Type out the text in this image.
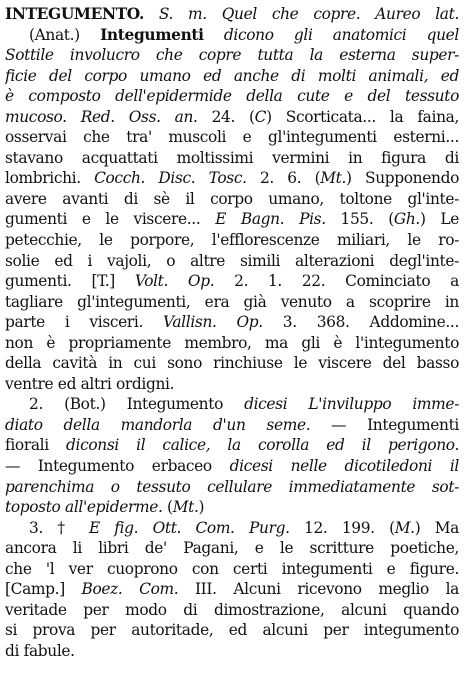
INTEGUMENTO. S. m. Quel che copre. Aureo lat.
(Anat.) Integumenti dicono gli anatomici quel
Sottile involucro che copre tutta la esterna super-
ficie del corpo umano ed anche di molti animali, ed
è composto dell'epidermide della cute e del tessuto
mucoso. Red. Oss. an. 24. (C) Scorticata... la faina,
osservai che tra' muscoli e gl'integumenti esterni...
stavano acquattati moltissimi vermini in figura di
lombrichi. Cocch. Disc. Tosc. 2. 6. (Mt.) Supponendo
avere avanti di sè il corpo umano, toltone gl'inte-
gumenti e le viscere... E Bagn. Pis. 155. (Gh.) Le
petecchie, le porpore, l'efflorescenze miliari, le ro-
solie ed i vajoli, o altre simili alterazioni degl'inte-
gumenti. [T.] Volt. Op. 2. 1. 22. Cominciato a
tagliare gl'integumenti, era già venuto a scoprire in
parte i visceri. Vallisn. Op. 3. 368. Addomine...
non è propriamente membro, ma gli è l'integumento
della cavità in cui sono rinchiuse le viscere del basso
ventre ed altri ordigni.
2. (Bot.) Integumento dicesi L'inviluppo imme-
diato della mandorla d'un seme. — Integumenti
fiorali diconsi il calice, la corolla ed il perigono.
— Integumento erbaceo dicesi nelle dicotiledoni il
parenchima o tessuto cellulare immediatamente sot-
toposto all'epiderme. (Mt.)
3. † E fig. Ott. Com. Purg. 12. 199. (M.) Ma
ancora li libri de' Pagani, e le scritture poetiche,
che 'l ver cuoprono con certi integumenti e figure.
[Camp.] Boez. Com. III. Alcuni ricevono meglio la
veritade per modo di dimostrazione, alcuni quando
si prova per autoritade, ed alcuni per integumento
di fabule.
